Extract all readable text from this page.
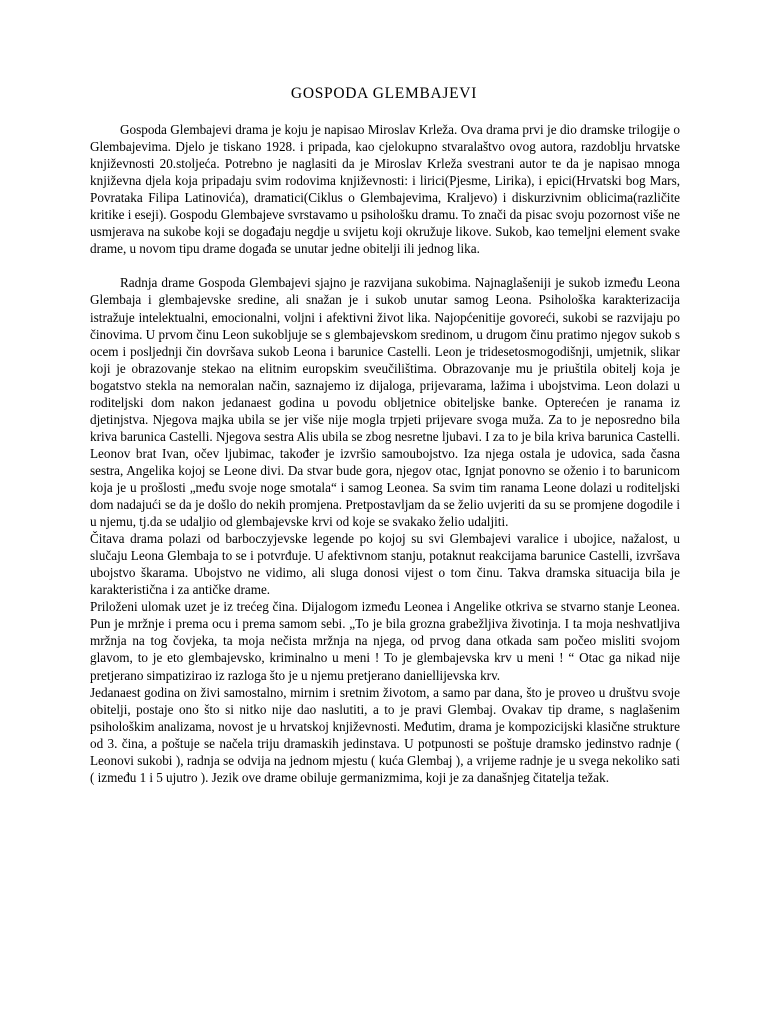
GOSPODA GLEMBAJEVI

Gospoda Glembajevi drama je koju je napisao Miroslav Krleža. Ova drama prvi je dio dramske trilogije o Glembajevima. Djelo je tiskano 1928. i pripada, kao cjelokupno stvaralaštvo ovog autora, razdoblju hrvatske književnosti 20.stoljeća. Potrebno je naglasiti da je Miroslav Krleža svestrani autor te da je napisao mnoga književna djela koja pripadaju svim rodovima književnosti: i lirici(Pjesme, Lirika), i epici(Hrvatski bog Mars, Povrataka Filipa Latinovića), dramatici(Ciklus o Glembajevima, Kraljevo) i diskurzivnim oblicima(različite kritike i eseji). Gospodu Glembajeve svrstavamo u psihološku dramu. To znači da pisac svoju pozornost više ne usmjerava na sukobe koji se događaju negdje u svijetu koji okružuje likove. Sukob, kao temeljni element svake drame, u novom tipu drame događa se unutar jedne obitelji ili jednog lika.

Radnja drame Gospoda Glembajevi sjajno je razvijana sukobima. Najnaglašeniji je sukob između Leona Glembaja i glembajevske sredine, ali snažan je i sukob unutar samog Leona. Psihološka karakterizacija istražuje intelektualni, emocionalni, voljni i afektivni život lika. Najopćenitije govoreći, sukobi se razvijaju po činovima. U prvom činu Leon sukobljuje se s glembajevskom sredinom, u drugom činu pratimo njegov sukob s ocem i posljednji čin dovršava sukob Leona i barunice Castelli. Leon je tridesetosmogodišnji, umjetnik, slikar koji je obrazovanje stekao na elitnim europskim sveučilištima. Obrazovanje mu je priuštila obitelj koja je bogatstvo stekla na nemoralan način, saznajemo iz dijaloga, prijevarama, lažima i ubojstvima. Leon dolazi u roditeljski dom nakon jedanaest godina u povodu obljetnice obiteljske banke. Opterećen je ranama iz djetinjstva. Njegova majka ubila se jer više nije mogla trpjeti prijevare svoga muža. Za to je neposredno bila kriva barunica Castelli. Njegova sestra Alis ubila se zbog nesretne ljubavi. I za to je bila kriva barunica Castelli. Leonov brat Ivan, očev ljubimac, također je izvršio samoubojstvo. Iza njega ostala je udovica, sada časna sestra, Angelika kojoj se Leone divi. Da stvar bude gora, njegov otac, Ignjat ponovno se oženio i to barunicom koja je u prošlosti „među svoje noge smotala“ i samog Leonea. Sa svim tim ranama Leone dolazi u roditeljski dom nadajući se da je došlo do nekih promjena. Pretpostavljam da se želio uvjeriti da su se promjene dogodile i u njemu, tj.da se udaljio od glembajevske krvi od koje se svakako želio udaljiti.

Čitava drama polazi od barboczyjevske legende po kojoj su svi Glembajevi varalice i ubojice, nažalost, u slučaju Leona Glembaja to se i potvrđuje. U afektivnom stanju, potaknut reakcijama barunice Castelli, izvršava ubojstvo škarama. Ubojstvo ne vidimo, ali sluga donosi vijest o tom činu. Takva dramska situacija bila je karakteristična i za antičke drame.

Priloženi ulomak uzet je iz trećeg čina. Dijalogom između Leonea i Angelike otkriva se stvarno stanje Leonea. Pun je mržnje i prema ocu i prema samom sebi. „To je bila grozna grabežljiva životinja. I ta moja neshvatljiva mržnja na tog čovjeka, ta moja nečista mržnja na njega, od prvog dana otkada sam počeo misliti svojom glavom, to je eto glembajevsko, kriminalno u meni ! To je glembajevska krv u meni ! “ Otac ga nikad nije pretjerano simpatizirao iz razloga što je u njemu pretjerano daniellijevska krv.

Jedanaest godina on živi samostalno, mirnim i sretnim životom, a samo par dana, što je proveo u društvu svoje obitelji, postaje ono što si nitko nije dao naslutiti, a to je pravi Glembaj. Ovakav tip drame, s naglašenim psihološkim analizama, novost je u hrvatskoj književnosti. Međutim, drama je kompozicijski klasične strukture od 3. čina, a poštuje se načela triju dramaskih jedinstava. U potpunosti se poštuje dramsko jedinstvo radnje ( Leonovi sukobi ), radnja se odvija na jednom mjestu ( kuća Glembaj ), a vrijeme radnje je u svega nekoliko sati ( između 1 i 5 ujutro ). Jezik ove drame obiluje germanizmima, koji je za današnjeg čitatelja težak.
